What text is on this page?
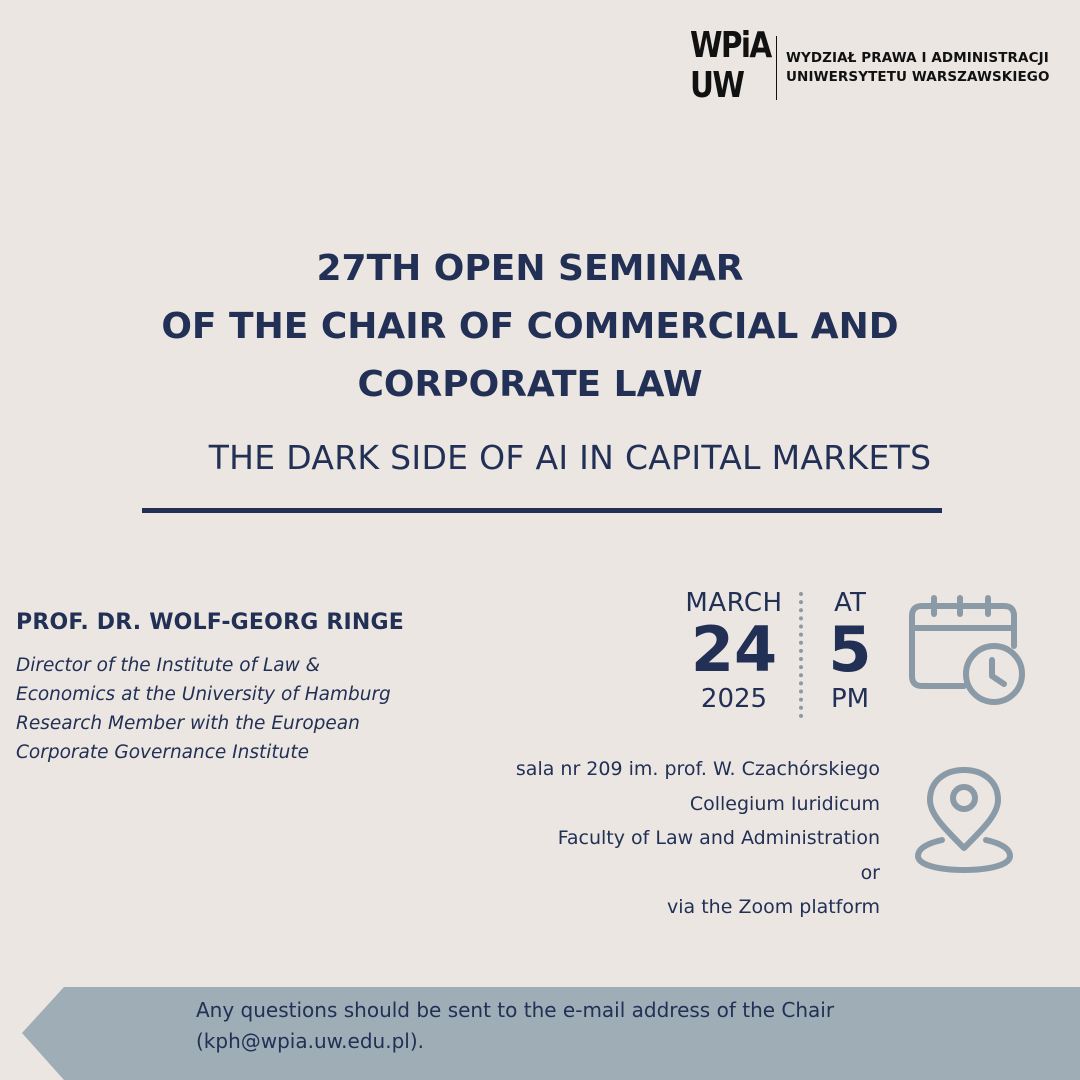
WPiA
UW
WYDZIAŁ PRAWA I ADMINISTRACJI
UNIWERSYTETU WARSZAWSKIEGO
27TH OPEN SEMINAR
OF THE CHAIR OF COMMERCIAL AND
CORPORATE LAW
THE DARK SIDE OF AI IN CAPITAL MARKETS
PROF. DR. WOLF-GEORG RINGE
Director of the Institute of Law &
Economics at the University of Hamburg
Research Member with the European
Corporate Governance Institute
MARCH
24
2025
AT
5
PM
sala nr 209 im. prof. W. Czachórskiego
Collegium Iuridicum
Faculty of Law and Administration
or
via the Zoom platform
Any questions should be sent to the e-mail address of the Chair
(kph@wpia.uw.edu.pl).
